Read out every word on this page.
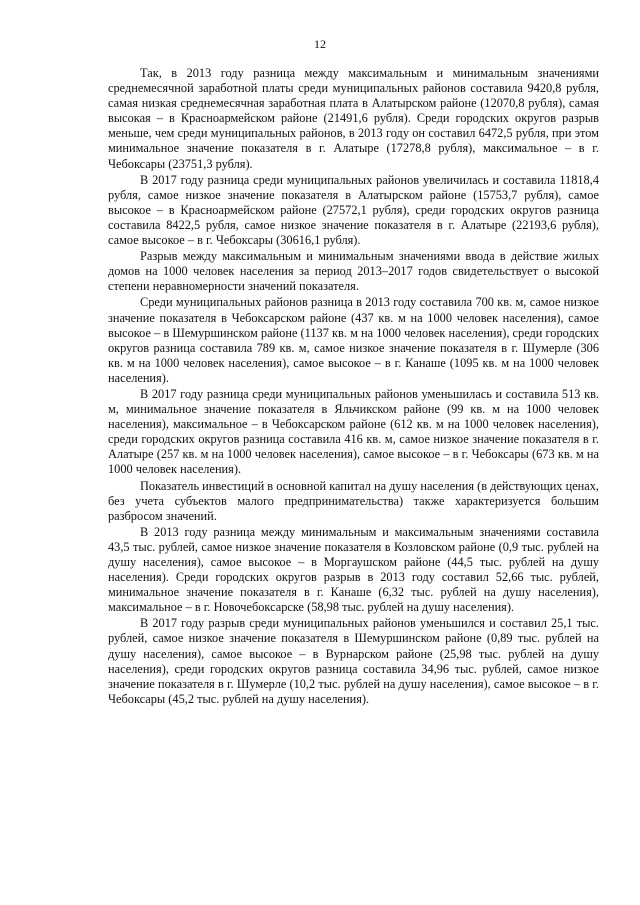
12

Так, в 2013 году разница между максимальным и минимальным значениями среднемесячной заработной платы среди муниципальных районов составила 9420,8 рубля, самая низкая среднемесячная заработная плата в Алатырском районе (12070,8 рубля), самая высокая – в Красноармейском районе (21491,6 рубля). Среди городских округов разрыв меньше, чем среди муниципальных районов, в 2013 году он составил 6472,5 рубля, при этом минимальное значение показателя в г. Алатыре (17278,8 рубля), максимальное – в г. Чебоксары (23751,3 рубля).

В 2017 году разница среди муниципальных районов увеличилась и составила 11818,4 рубля, самое низкое значение показателя в Алатырском районе (15753,7 рубля), самое высокое – в Красноармейском районе (27572,1 рубля), среди городских округов разница составила 8422,5 рубля, самое низкое значение показателя в г. Алатыре (22193,6 рубля), самое высокое – в г. Чебоксары (30616,1 рубля).

Разрыв между максимальным и минимальным значениями ввода в действие жилых домов на 1000 человек населения за период 2013–2017 годов свидетельствует о высокой степени неравномерности значений показателя.

Среди муниципальных районов разница в 2013 году составила 700 кв. м, самое низкое значение показателя в Чебоксарском районе (437 кв. м на 1000 человек населения), самое высокое – в Шемуршинском районе (1137 кв. м на 1000 человек населения), среди городских округов разница составила 789 кв. м, самое низкое значение показателя в г. Шумерле (306 кв. м на 1000 человек населения), самое высокое – в г. Канаше (1095 кв. м на 1000 человек населения).

В 2017 году разница среди муниципальных районов уменьшилась и составила 513 кв. м, минимальное значение показателя в Яльчикском районе (99 кв. м на 1000 человек населения), максимальное – в Чебоксарском районе (612 кв. м на 1000 человек населения), среди городских округов разница составила 416 кв. м, самое низкое значение показателя в г. Алатыре (257 кв. м на 1000 человек населения), самое высокое – в г. Чебоксары (673 кв. м на 1000 человек населения).

Показатель инвестиций в основной капитал на душу населения (в действующих ценах, без учета субъектов малого предпринимательства) также характеризуется большим разбросом значений.

В 2013 году разница между минимальным и максимальным значениями составила 43,5 тыс. рублей, самое низкое значение показателя в Козловском районе (0,9 тыс. рублей на душу населения), самое высокое – в Моргаушском районе (44,5 тыс. рублей на душу населения). Среди городских округов разрыв в 2013 году составил 52,66 тыс. рублей, минимальное значение показателя в г. Канаше (6,32 тыс. рублей на душу населения), максимальное – в г. Новочебоксарске (58,98 тыс. рублей на душу населения).

В 2017 году разрыв среди муниципальных районов уменьшился и составил 25,1 тыс. рублей, самое низкое значение показателя в Шемуршинском районе (0,89 тыс. рублей на душу населения), самое высокое – в Вурнарском районе (25,98 тыс. рублей на душу населения), среди городских округов разница составила 34,96 тыс. рублей, самое низкое значение показателя в г. Шумерле (10,2 тыс. рублей на душу населения), самое высокое – в г. Чебоксары (45,2 тыс. рублей на душу населения).
